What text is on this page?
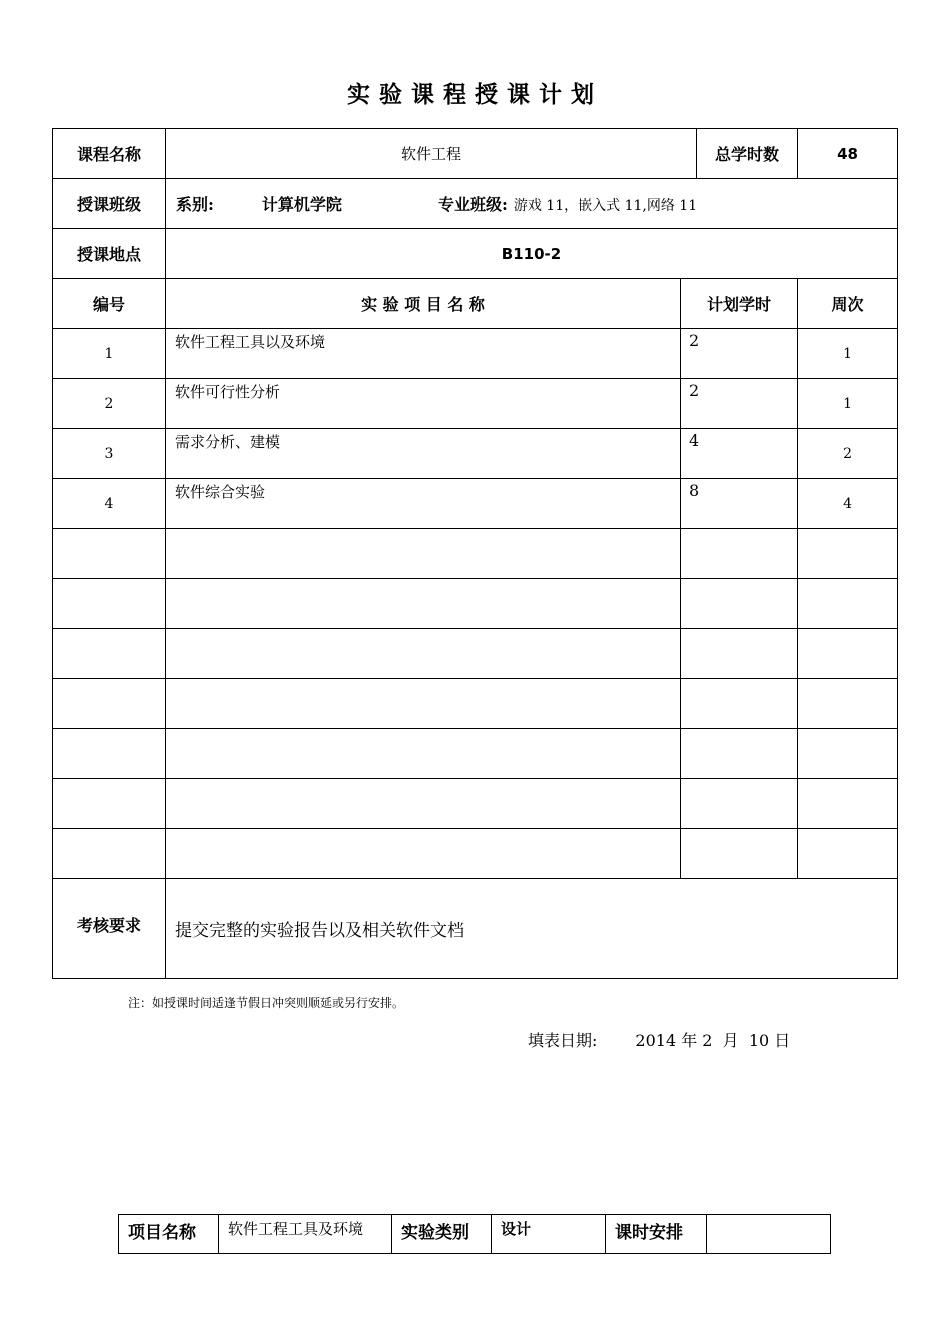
实验课程授课计划
课程名称	软件工程		总学时数	48
授课班级	系别: 计算机学院 专业班级: 游戏 11，嵌入式 11,网络 11			
授课地点	B110-2			
编号	实 验 项 目 名 称	计划学时		周次
1	软件工程工具以及环境	2		1
2	软件可行性分析	2		1
3	需求分析、建模	4		2
4	软件综合实验	8		4

考核要求	提交完整的实验报告以及相关软件文档			
注：如授课时间适逢节假日冲突则顺延或另行安排。
填表日期: 2014 年 2  月  10 日
项目名称	软件工程工具及环境	实验类别	设计	课时安排	
